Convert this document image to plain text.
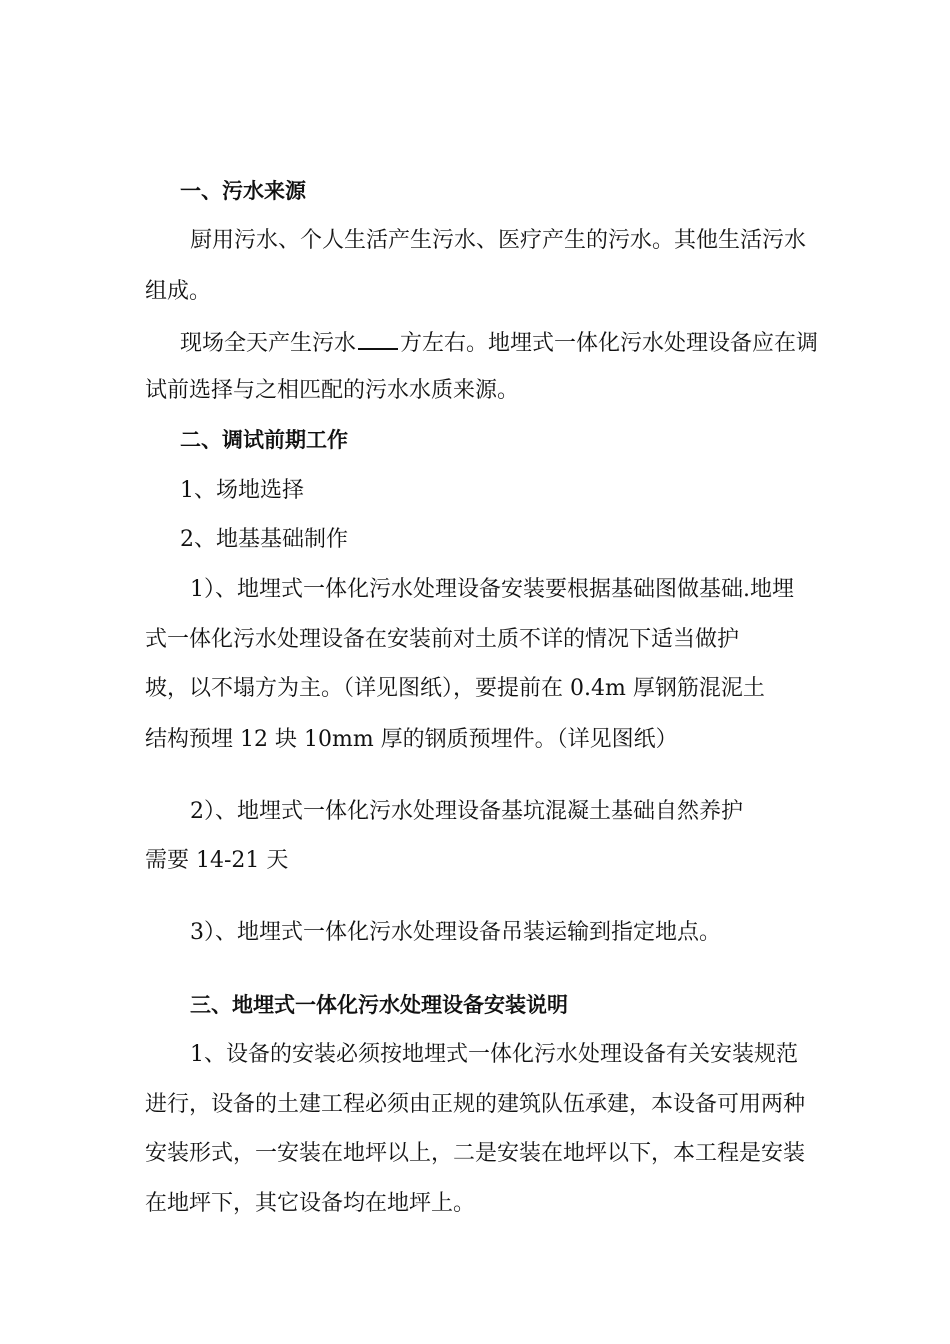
一、污水来源

厨用污水、个人生活产生污水、医疗产生的污水。其他生活污水

组成。

现场全天产生污水 方左右。地埋式一体化污水处理设备应在调

试前选择与之相匹配的污水水质来源。

二、调试前期工作

1、场地选择

2、地基基础制作

1）、地埋式一体化污水处理设备安装要根据基础图做基础.地埋

式一体化污水处理设备在安装前对土质不详的情况下适当做护

坡，以不塌方为主。（详见图纸），要提前在 0.4m 厚钢筋混泥土

结构预埋 12 块 10mm 厚的钢质预埋件。（详见图纸）

2）、地埋式一体化污水处理设备基坑混凝土基础自然养护

需要 14-21 天

3）、地埋式一体化污水处理设备吊装运输到指定地点。

三、地埋式一体化污水处理设备安装说明

1、设备的安装必须按地埋式一体化污水处理设备有关安装规范

进行，设备的土建工程必须由正规的建筑队伍承建，本设备可用两种

安装形式，一安装在地坪以上，二是安装在地坪以下，本工程是安装

在地坪下，其它设备均在地坪上。
